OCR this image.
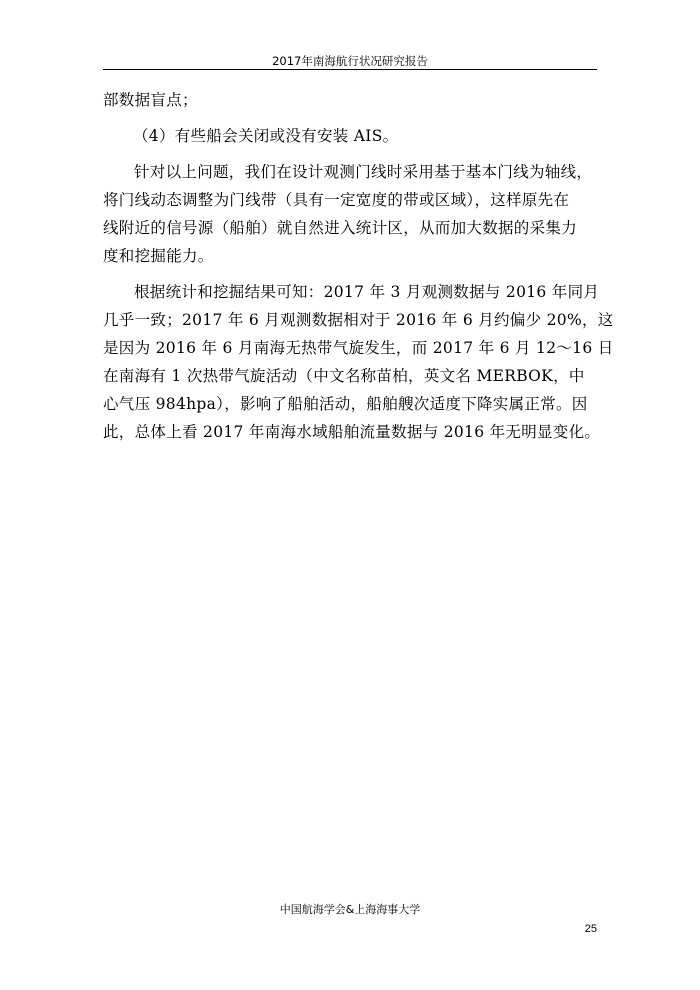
2017年南海航行状况研究报告

部数据盲点；

（4）有些船会关闭或没有安装 AIS。

针对以上问题，我们在设计观测门线时采用基于基本门线为轴线，

将门线动态调整为门线带（具有一定宽度的带或区域），这样原先在

线附近的信号源（船舶）就自然进入统计区，从而加大数据的采集力

度和挖掘能力。

根据统计和挖掘结果可知：2017 年 3 月观测数据与 2016 年同月

几乎一致；2017 年 6 月观测数据相对于 2016 年 6 月约偏少 20%，这

是因为 2016 年 6 月南海无热带气旋发生，而 2017 年 6 月 12～16 日

在南海有 1 次热带气旋活动（中文名称苗柏，英文名 MERBOK，中

心气压 984hpa），影响了船舶活动，船舶艘次适度下降实属正常。因

此，总体上看 2017 年南海水域船舶流量数据与 2016 年无明显变化。

中国航海学会&上海海事大学
25
